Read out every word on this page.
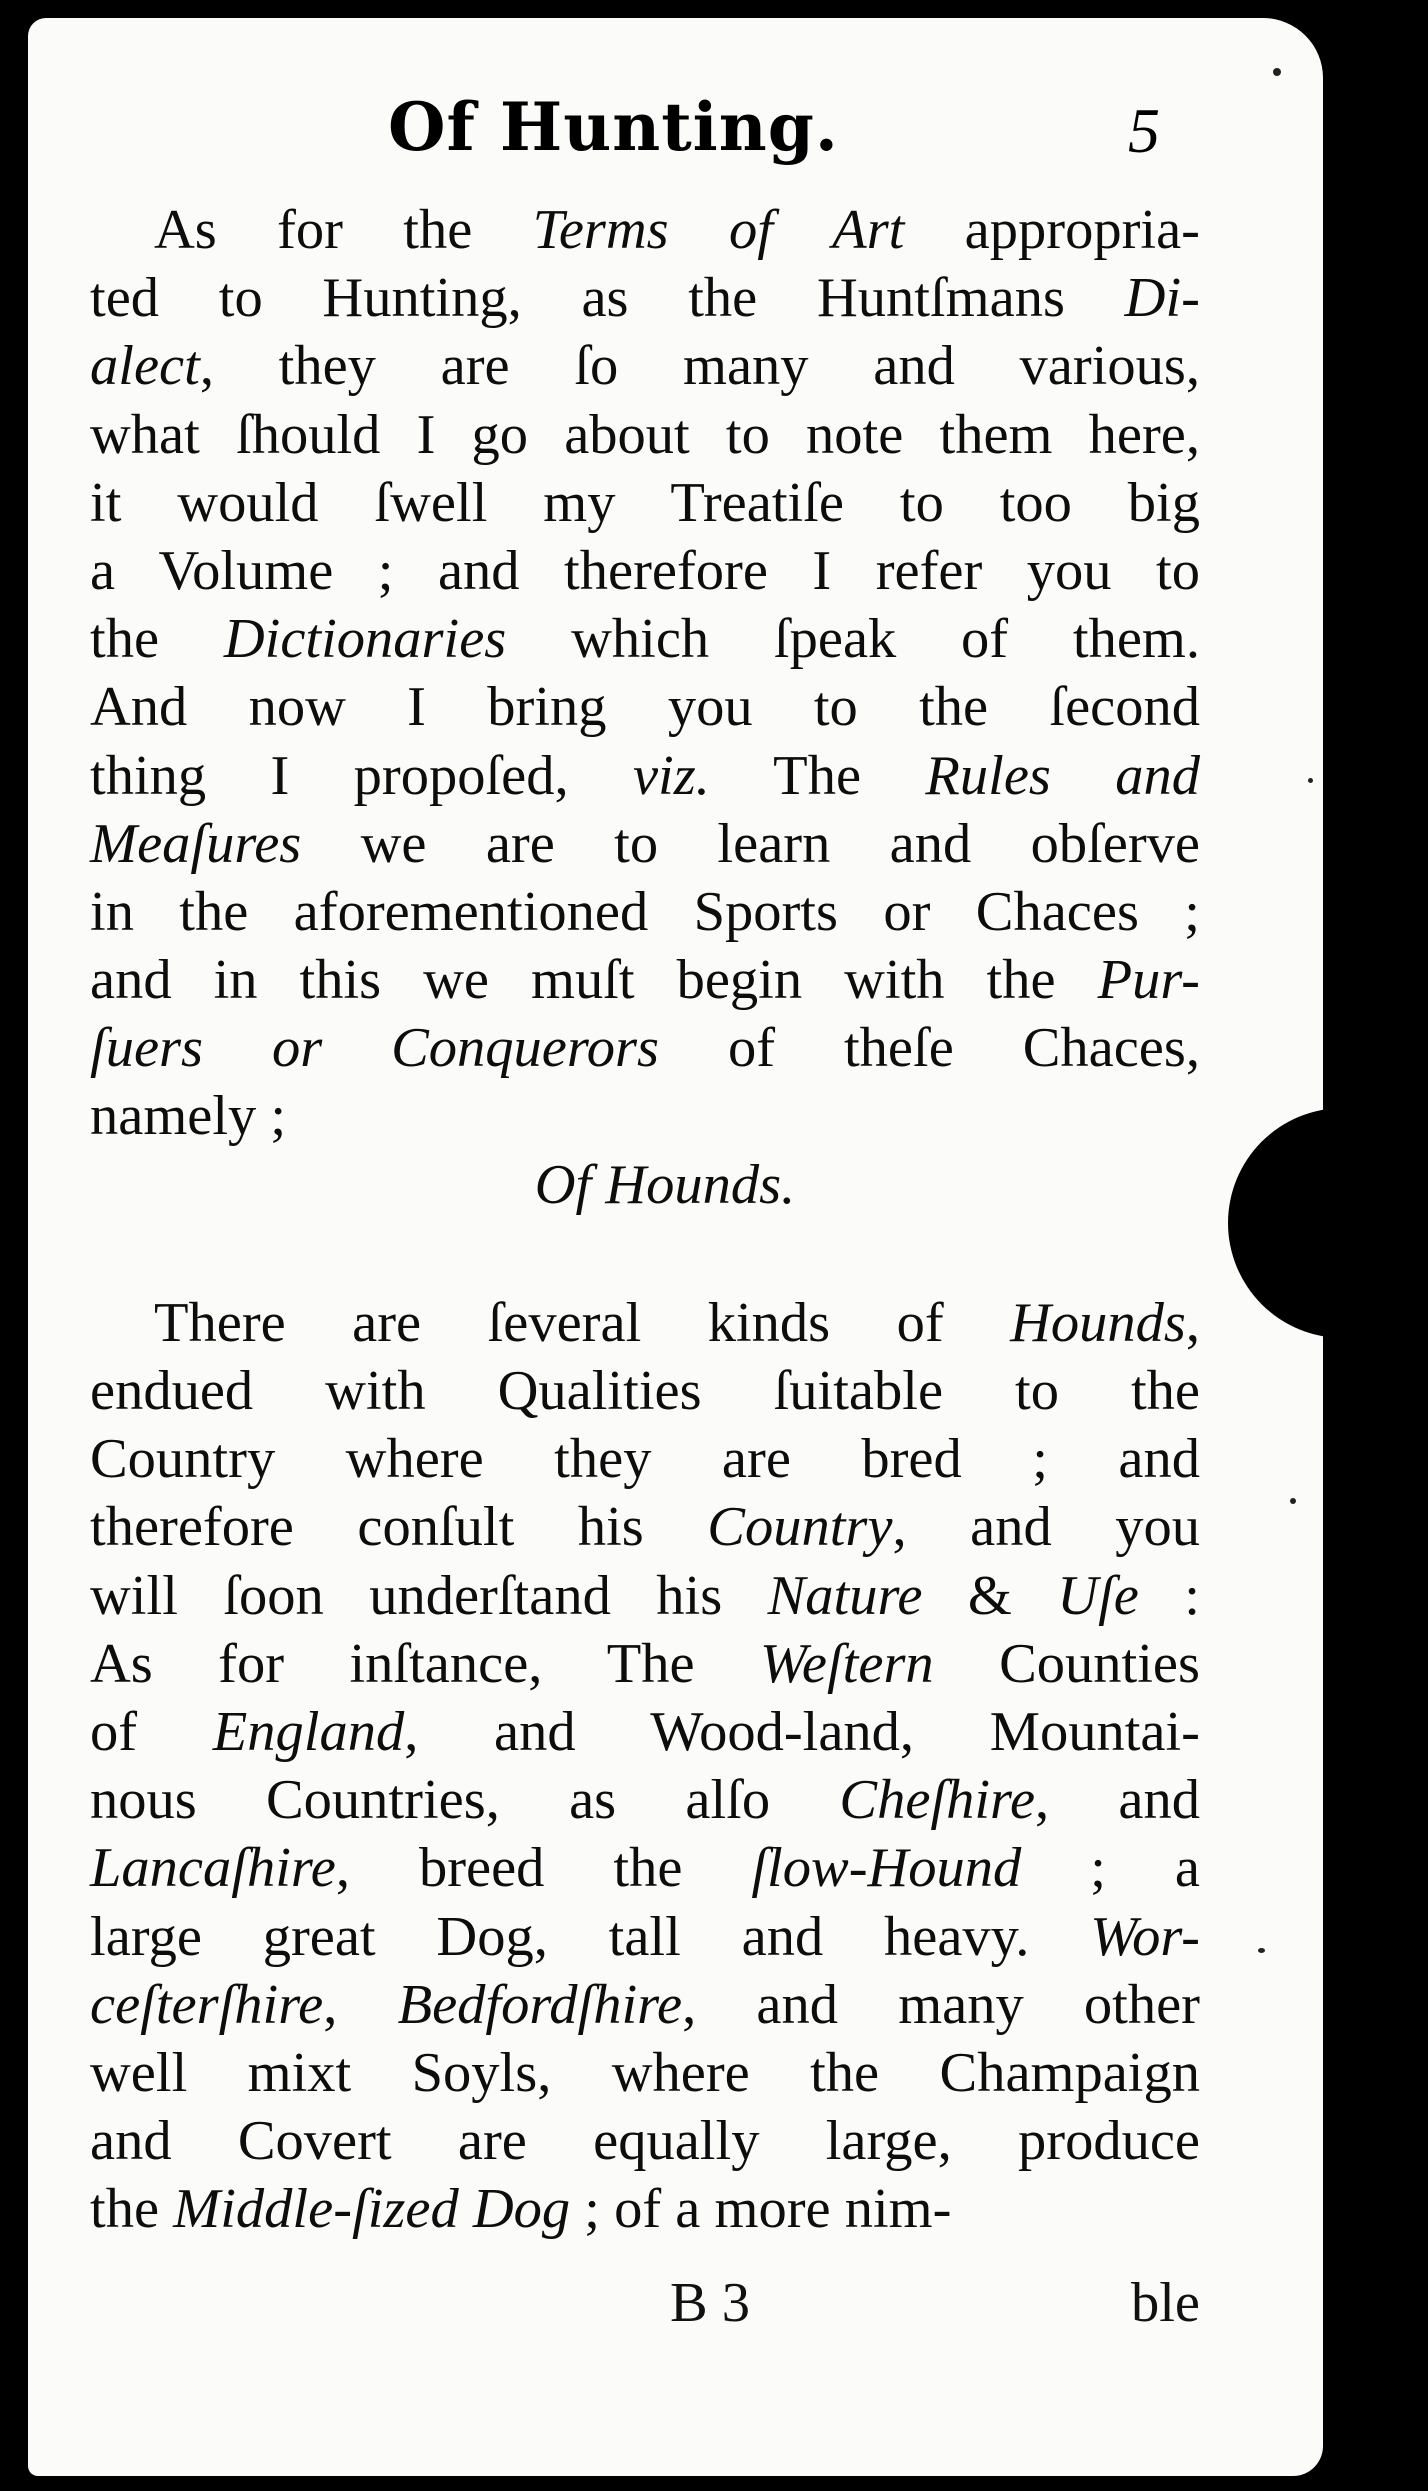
Of Hunting.	5
As for the Terms of Art appropria-
ted to Hunting, as the Huntſmans Di-
alect, they are ſo many and various,
what ſhould I go about to note them here,
it would ſwell my Treatiſe to too big
a Volume ; and therefore I refer you to
the Dictionaries which ſpeak of them.
And now I bring you to the ſecond
thing I propoſed, viz. The Rules and
Meaſures we are to learn and obſerve
in the aforementioned Sports or Chaces ;
and in this we muſt begin with the Pur-
ſuers or Conquerors of theſe Chaces,
namely ;
Of Hounds.
There are ſeveral kinds of Hounds,
endued with Qualities ſuitable to the
Country where they are bred ; and
therefore conſult his Country, and you
will ſoon underſtand his Nature & Uſe :
As for inſtance, The Weſtern Counties
of England, and Wood-land, Mountai-
nous Countries, as alſo Cheſhire, and
Lancaſhire, breed the ſlow-Hound ; a
large great Dog, tall and heavy. Wor-
ceſterſhire, Bedfordſhire, and many other
well mixt Soyls, where the Champaign
and Covert are equally large, produce
the Middle-ſized Dog ; of a more nim-
B 3	ble
